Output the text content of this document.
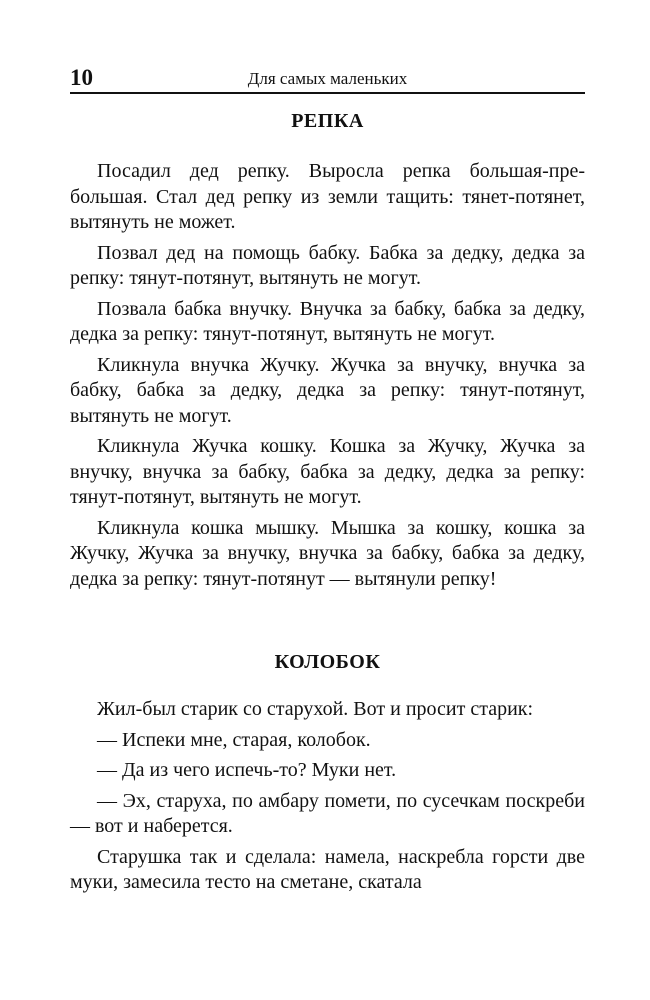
10	Для самых маленьких
РЕПКА

Посадил дед репку. Выросла репка большая-пребольшая. Стал дед репку из земли тащить: тянет-потянет, вытянуть не может.

Позвал дед на помощь бабку. Бабка за дедку, дедка за репку: тянут-потянут, вытянуть не могут.

Позвала бабка внучку. Внучка за бабку, бабка за дедку, дедка за репку: тянут-потянут, вытянуть не могут.

Кликнула внучка Жучку. Жучка за внучку, внучка за бабку, бабка за дедку, дедка за репку: тянут-потянут, вытянуть не могут.

Кликнула Жучка кошку. Кошка за Жучку, Жучка за внучку, внучка за бабку, бабка за дедку, дедка за репку: тянут-потянут, вытянуть не могут.

Кликнула кошка мышку. Мышка за кошку, кошка за Жучку, Жучка за внучку, внучка за бабку, бабка за дедку, дедка за репку: тянут-потянут — вытянули репку!

КОЛОБОК

Жил-был старик со старухой. Вот и просит старик:

— Испеки мне, старая, колобок.

— Да из чего испечь-то? Муки нет.

— Эх, старуха, по амбару помети, по сусечкам поскреби — вот и наберется.

Старушка так и сделала: намела, наскребла горсти две муки, замесила тесто на сметане, скатала
